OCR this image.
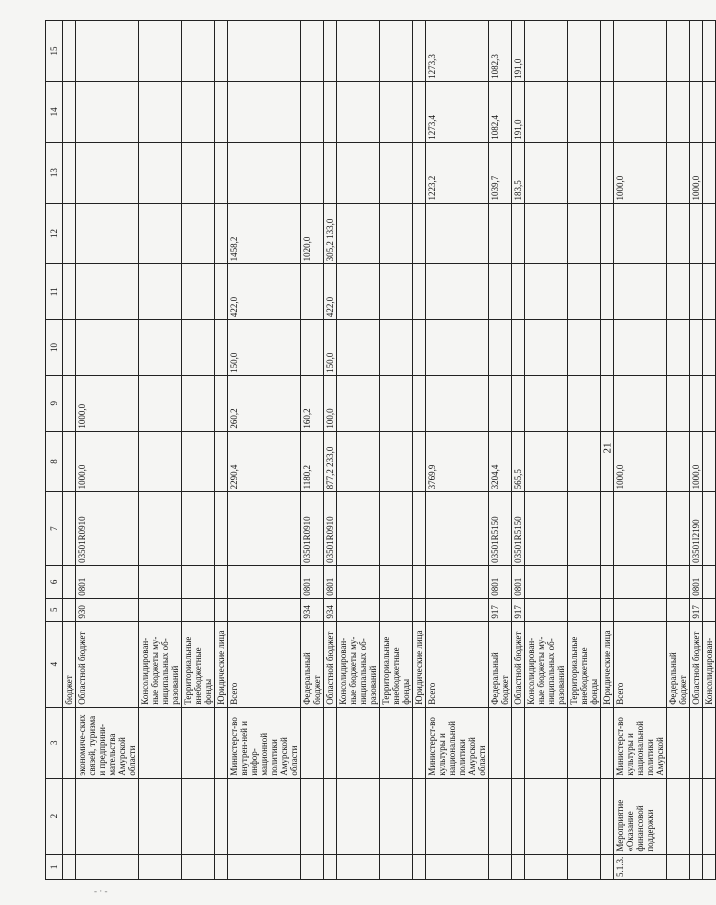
21
- · -
1	2	3	4	5	6	7	8	9	10	11	12	13	14	15
			бюджет											
		экономиче-ских связей, туризма и предприни-мательства Амурской области	Областной бюджет	930	0801	03501R0910	1000,0	1000,0						
			Консолидирован-ные бюджеты му-ниципальных об-разований											
			Территориальные внебюджетные фонды											
			Юридические лица											
		Министерст-во внутрен-ней и инфор-мационной политики Амурской области	Всего				2290,4	260,2	150,0	422,0	1458,2			
			Федеральный бюджет	934	0801	03501R0910	1180,2	160,2			1020,0			
			Областной бюджет	934	0801	03501R0910	877,2 233,0	100,0	150,0	422,0	305,2 133,0			
			Консолидирован-ные бюджеты му-ниципальных об-разований											
			Территориальные внебюджетные фонды											
			Юридические лица											
		Министерст-во культуры и национальной политики Амурской области	Всего				3769,9					1223,2	1273,4	1273,3
			Федеральный бюджет	917	0801	03501R5150	3204,4					1039,7	1082,4	1082,3
			Областной бюджет	917	0801	03501R5150	565,5					183,5	191,0	191,0
			Консолидирован-ные бюджеты му-ниципальных об-разований											
			Территориальные внебюджетные фонды											
			Юридические лица											
5.1.3.	Мероприятие «Оказание финансовой поддержки	Министерст-во культуры и национальной политики Амурской	Всего				1000,0					1000,0		
			Федеральный бюджет											
			Областной бюджет	917	0801	03501I2190	1000,0					1000,0		
			Консолидирован-											
